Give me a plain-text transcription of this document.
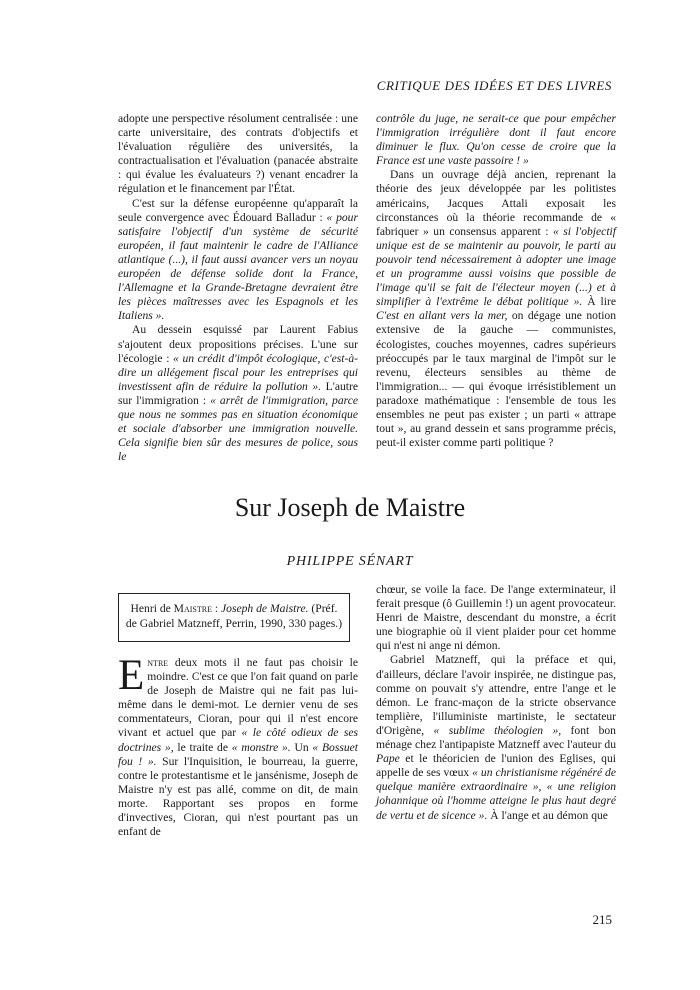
CRITIQUE DES IDÉES ET DES LIVRES

adopte une perspective résolument centralisée : une carte universitaire, des contrats d'objectifs et l'évaluation régulière des universités, la contractualisation et l'évaluation (panacée abstraite : qui évalue les évaluateurs ?) venant encadrer la régulation et le financement par l'État.

C'est sur la défense européenne qu'apparaît la seule convergence avec Édouard Balladur : « pour satisfaire l'objectif d'un système de sécurité européen, il faut maintenir le cadre de l'Alliance atlantique (...), il faut aussi avancer vers un noyau européen de défense solide dont la France, l'Allemagne et la Grande-Bretagne devraient être les pièces maîtresses avec les Espagnols et les Italiens ».

Au dessein esquissé par Laurent Fabius s'ajoutent deux propositions précises. L'une sur l'écologie : « un crédit d'impôt écologique, c'est-à-dire un allégement fiscal pour les entreprises qui investissent afin de réduire la pollution ». L'autre sur l'immigration : « arrêt de l'immigration, parce que nous ne sommes pas en situation économique et sociale d'absorber une immigration nouvelle. Cela signifie bien sûr des mesures de police, sous le

contrôle du juge, ne serait-ce que pour empêcher l'immigration irrégulière dont il faut encore diminuer le flux. Qu'on cesse de croire que la France est une vaste passoire ! »

Dans un ouvrage déjà ancien, reprenant la théorie des jeux développée par les politistes américains, Jacques Attali exposait les circonstances où la théorie recommande de « fabriquer » un consensus apparent : « si l'objectif unique est de se maintenir au pouvoir, le parti au pouvoir tend nécessairement à adopter une image et un programme aussi voisins que possible de l'image qu'il se fait de l'électeur moyen (...) et à simplifier à l'extrême le débat politique ». À lire C'est en allant vers la mer, on dégage une notion extensive de la gauche — communistes, écologistes, couches moyennes, cadres supérieurs préoccupés par le taux marginal de l'impôt sur le revenu, électeurs sensibles au thème de l'immigration... — qui évoque irrésistiblement un paradoxe mathématique : l'ensemble de tous les ensembles ne peut pas exister ; un parti « attrape tout », au grand dessein et sans programme précis, peut-il exister comme parti politique ?

Sur Joseph de Maistre
PHILIPPE SÉNART
Henri de Maistre : Joseph de Maistre. (Préf. de Gabriel Matzneff, Perrin, 1990, 330 pages.)
E ntre deux mots il ne faut pas choisir le moindre. C'est ce que l'on fait quand on parle de Joseph de Maistre qui ne fait pas lui-même dans le demi-mot. Le dernier venu de ses commentateurs, Cioran, pour qui il n'est encore vivant et actuel que par « le côté odieux de ses doctrines », le traite de « monstre ». Un « Bossuet fou ! ». Sur l'Inquisition, le bourreau, la guerre, contre le protestantisme et le jansénisme, Joseph de Maistre n'y est pas allé, comme on dit, de main morte. Rapportant ses propos en forme d'invectives, Cioran, qui n'est pourtant pas un enfant de

chœur, se voile la face. De l'ange exterminateur, il ferait presque (ô Guillemin !) un agent provocateur. Henri de Maistre, descendant du monstre, a écrit une biographie où il vient plaider pour cet homme qui n'est ni ange ni démon.

Gabriel Matzneff, qui la préface et qui, d'ailleurs, déclare l'avoir inspirée, ne distingue pas, comme on pouvait s'y attendre, entre l'ange et le démon. Le franc-maçon de la stricte observance templière, l'illuministe martiniste, le sectateur d'Origène, « sublime théologien », font bon ménage chez l'antipapiste Matzneff avec l'auteur du Pape et le théoricien de l'union des Eglises, qui appelle de ses vœux « un christianisme régénéré de quelque manière extraordinaire », « une religion johannique où l'homme atteigne le plus haut degré de vertu et de sicence ». À l'ange et au démon que

215
